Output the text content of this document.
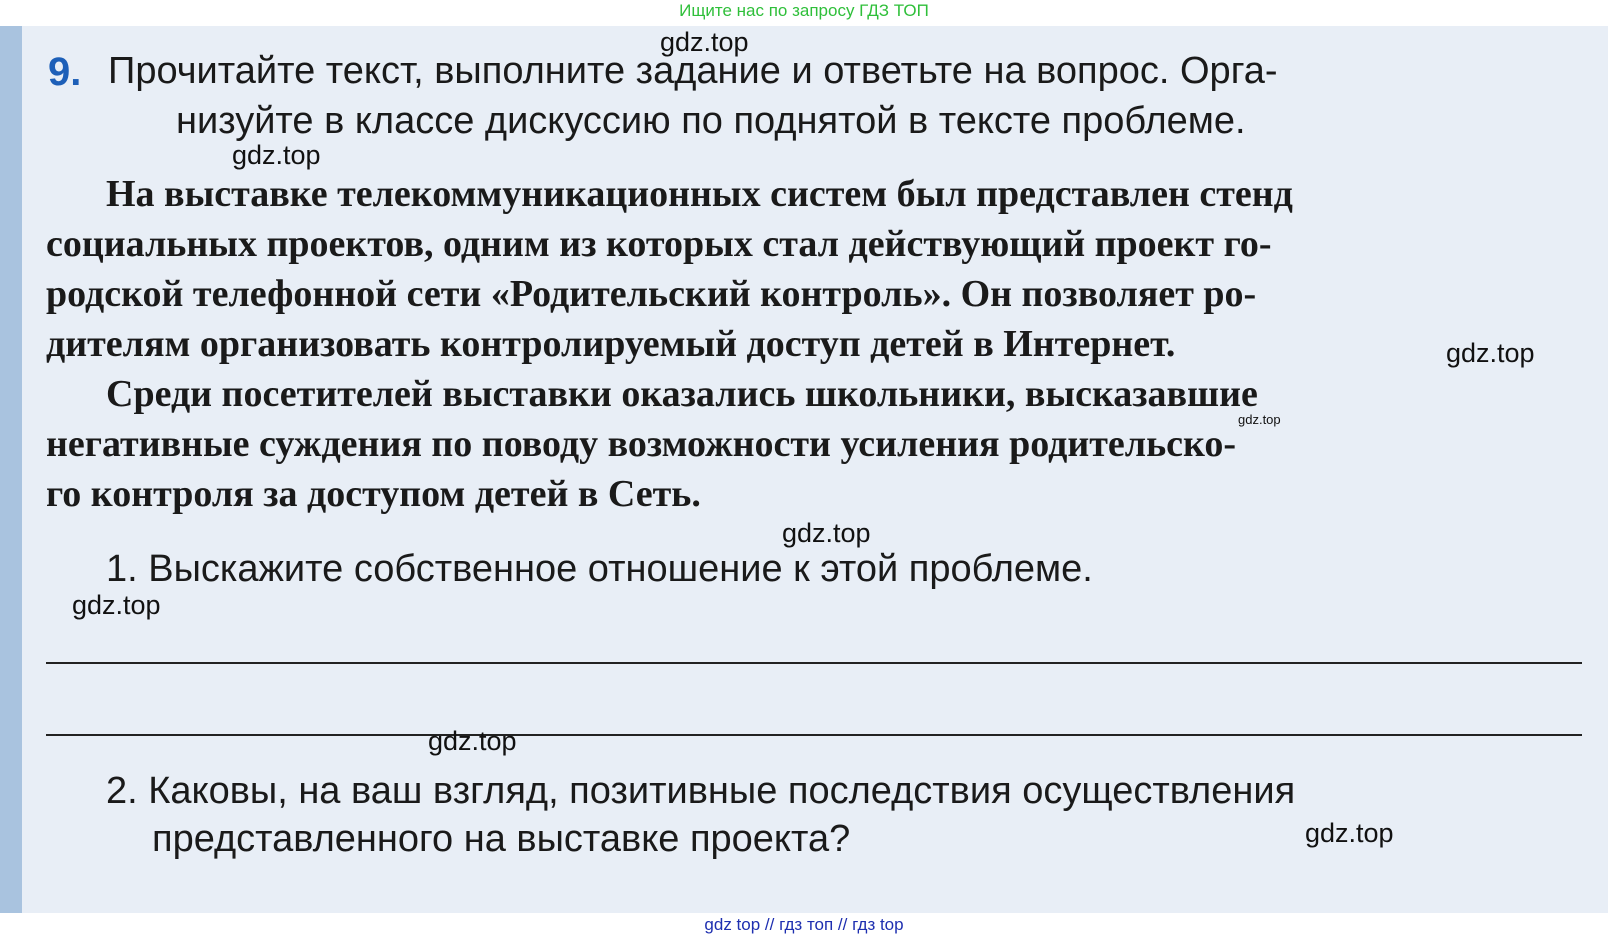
Ищите нас по запросу ГДЗ ТОП

9. Прочитайте текст, выполните задание и ответьте на вопрос. Орга-
низуйте в классе дискуссию по поднятой в тексте проблеме.
На выставке телекоммуникационных систем был представлен стенд
социальных проектов, одним из которых стал действующий проект го-
родской телефонной сети «Родительский контроль». Он позволяет ро-
дителям организовать контролируемый доступ детей в Интернет.
Среди посетителей выставки оказались школьники, высказавшие
негативные суждения по поводу возможности усиления родительско-
го контроля за доступом детей в Сеть.
1. Выскажите собственное отношение к этой проблеме.
2. Каковы, на ваш взгляд, позитивные последствия осуществления
представленного на выставке проекта?
gdz.top
gdz.top
gdz.top
gdz.top
gdz.top
gdz.top
gdz.top
gdz.top
gdz top // гдз топ // гдз top
